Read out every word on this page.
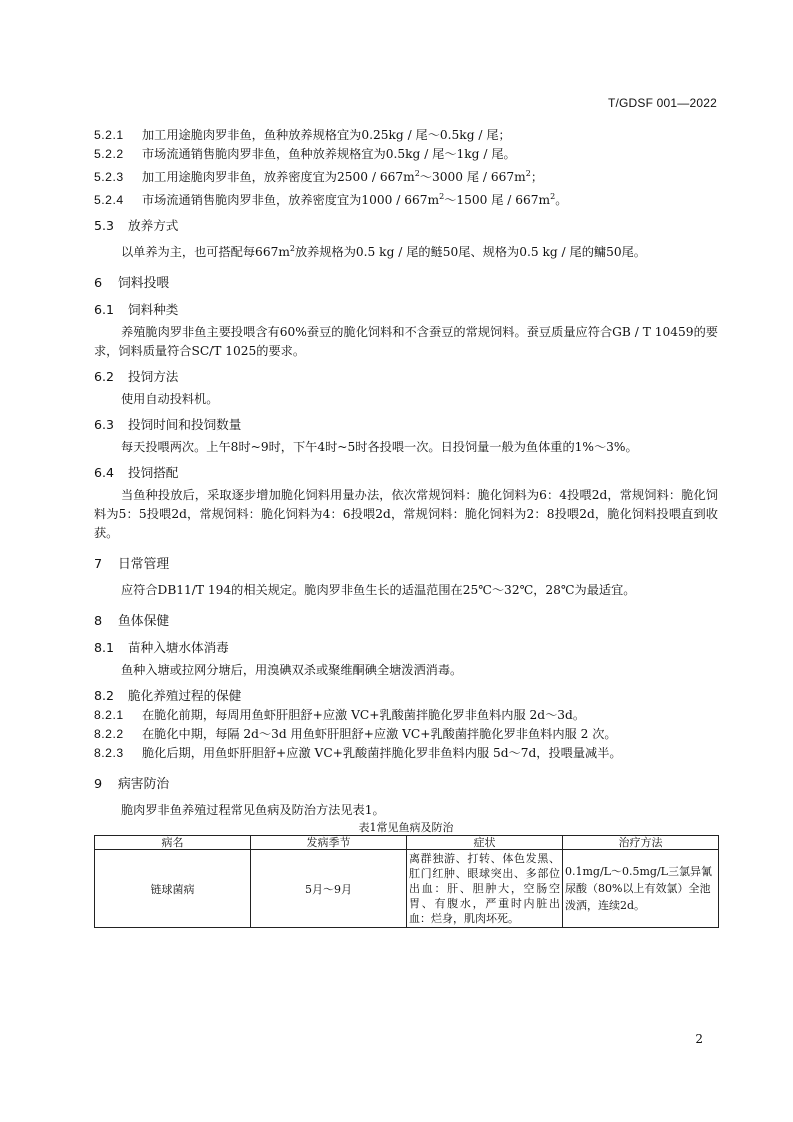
T/GDSF 001—2022
5.2.1 加工用途脆肉罗非鱼，鱼种放养规格宜为0.25kg / 尾～0.5kg / 尾；
5.2.2 市场流通销售脆肉罗非鱼，鱼种放养规格宜为0.5kg / 尾～1kg / 尾。
5.2.3 加工用途脆肉罗非鱼，放养密度宜为$2500 / 667m^2\sim 3000$ 尾 / $667m^2$；
5.2.4 市场流通销售脆肉罗非鱼，放养密度宜为$1000 / 667m^2\sim 1500$ 尾 / $667m^2$。
5.3 放养方式
以单养为主，也可搭配每$667m^2$放养规格为0.5 kg / 尾的鲢50尾、规格为0.5 kg / 尾的鳙50尾。
6 饲料投喂
6.1 饲料种类
养殖脆肉罗非鱼主要投喂含有60%蚕豆的脆化饲料和不含蚕豆的常规饲料。蚕豆质量应符合GB / T 10459的要求，饲料质量符合SC/T 1025的要求。
6.2 投饲方法
使用自动投料机。
6.3 投饲时间和投饲数量
每天投喂两次。上午8时~9时，下午4时~5时各投喂一次。日投饲量一般为鱼体重的1%～3%。
6.4 投饲搭配
当鱼种投放后，采取逐步增加脆化饲料用量办法，依次常规饲料：脆化饲料为6：4投喂2d，常规饲料：脆化饲料为5：5投喂2d，常规饲料：脆化饲料为4：6投喂2d，常规饲料：脆化饲料为2：8投喂2d，脆化饲料投喂直到收获。
7 日常管理
应符合DB11/T 194的相关规定。脆肉罗非鱼生长的适温范围在25℃～32℃，28℃为最适宜。
8 鱼体保健
8.1 苗种入塘水体消毒
鱼种入塘或拉网分塘后，用溴碘双杀或聚维酮碘全塘泼洒消毒。
8.2 脆化养殖过程的保健
8.2.1 在脆化前期，每周用鱼虾肝胆舒+应激 VC+乳酸菌拌脆化罗非鱼料内服 2d～3d。
8.2.2 在脆化中期，每隔 2d～3d 用鱼虾肝胆舒+应激 VC+乳酸菌拌脆化罗非鱼料内服 2 次。
8.2.3 脆化后期，用鱼虾肝胆舒+应激 VC+乳酸菌拌脆化罗非鱼料内服 5d～7d，投喂量减半。
9 病害防治
脆肉罗非鱼养殖过程常见鱼病及防治方法见表1。
表1常见鱼病及防治
病名	发病季节	症状	治疗方法
链球菌病	5月～9月	离群独游、打转、体色发黑、肛门红肿、眼球突出、多部位出血：肝、胆肿大，空肠空胃、有腹水，严重时内脏出血：烂身，肌肉坏死。	0.1mg/L～0.5mg/L三氯异氰尿酸（80%以上有效氯）全池泼洒，连续2d。
2
